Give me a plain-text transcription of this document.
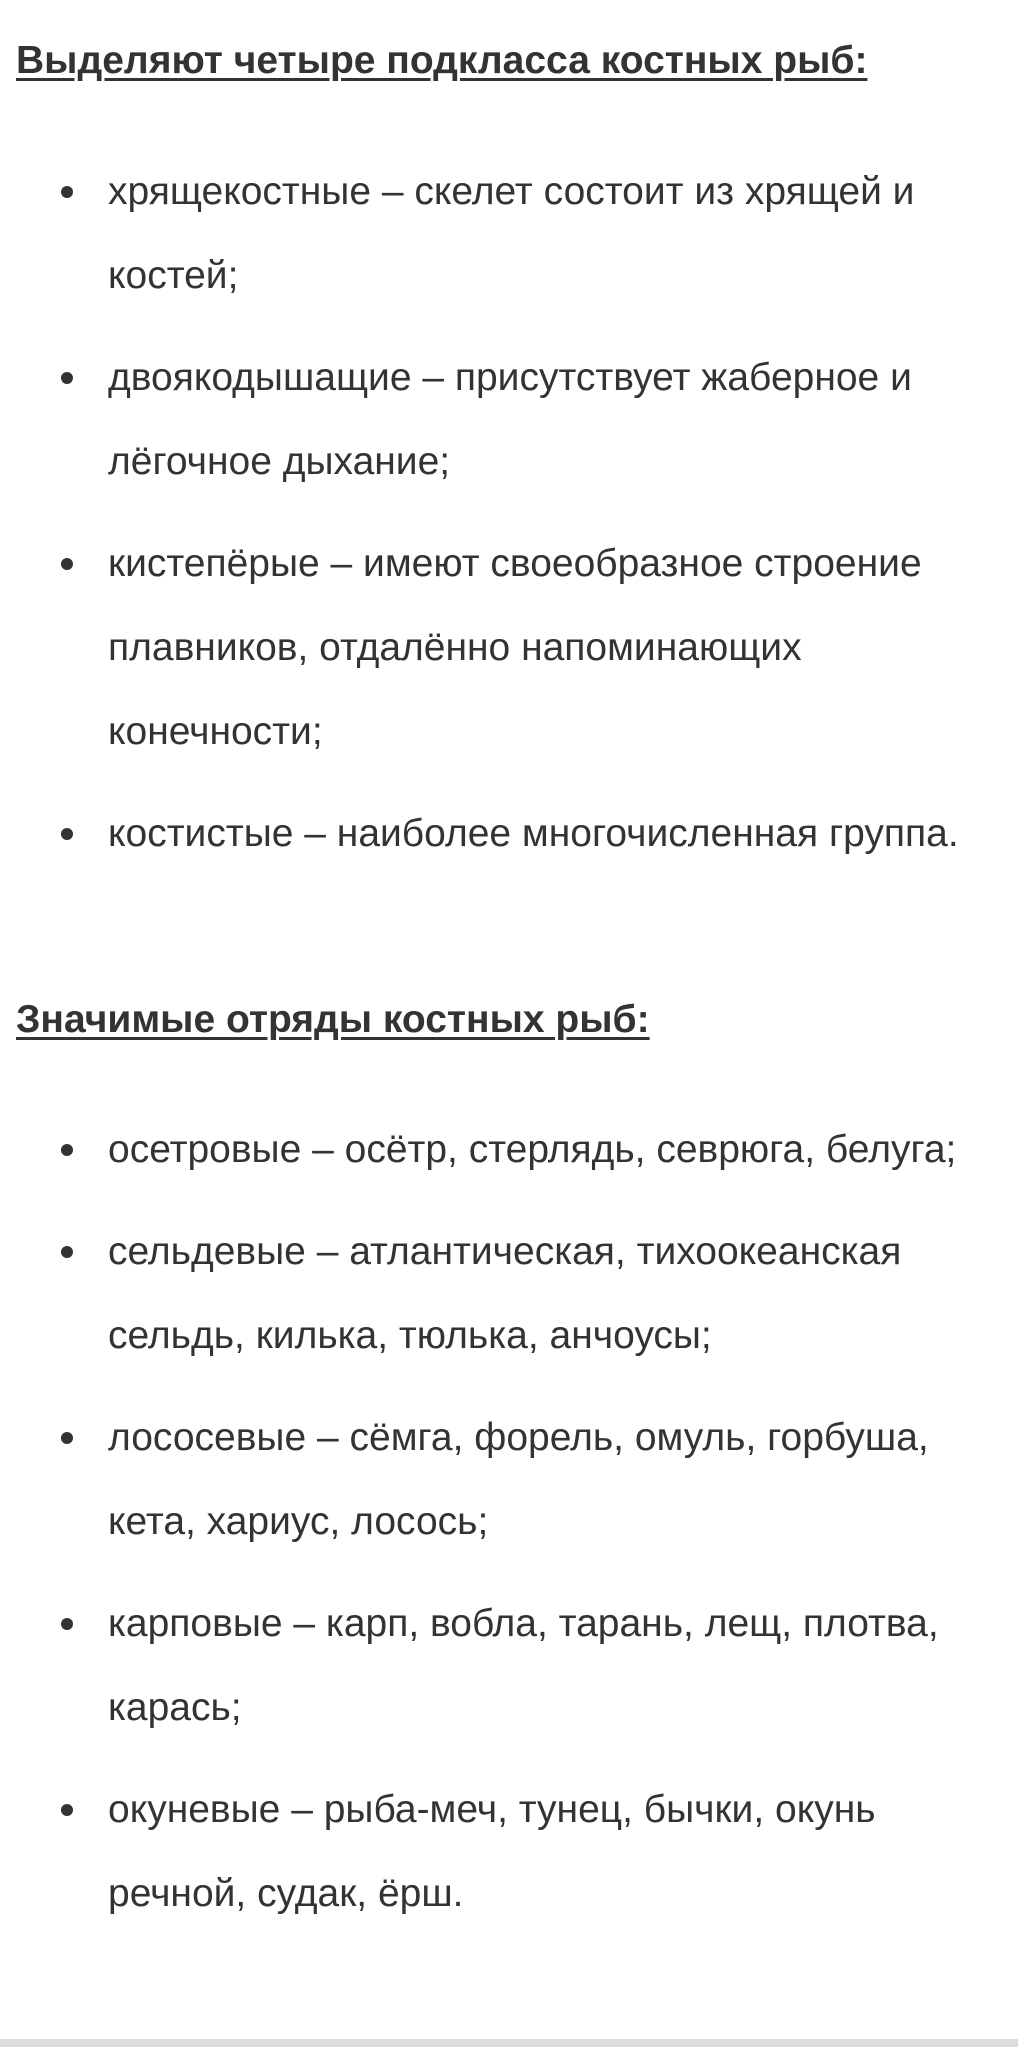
Выделяют четыре подкласса костных рыб:
хрящекостные – скелет состоит из хрящей и костей;
двоякодышащие – присутствует жаберное и лёгочное дыхание;
кистепёрые – имеют своеобразное строение плавников, отдалённо напоминающих конечности;
костистые – наиболее многочисленная группа.
Значимые отряды костных рыб:
осетровые – осётр, стерлядь, севрюга, белуга;
сельдевые – атлантическая, тихоокеанская сельдь, килька, тюлька, анчоусы;
лососевые – сёмга, форель, омуль, горбуша, кета, хариус, лосось;
карповые – карп, вобла, тарань, лещ, плотва, карась;
окуневые – рыба-меч, тунец, бычки, окунь речной, судак, ёрш.
